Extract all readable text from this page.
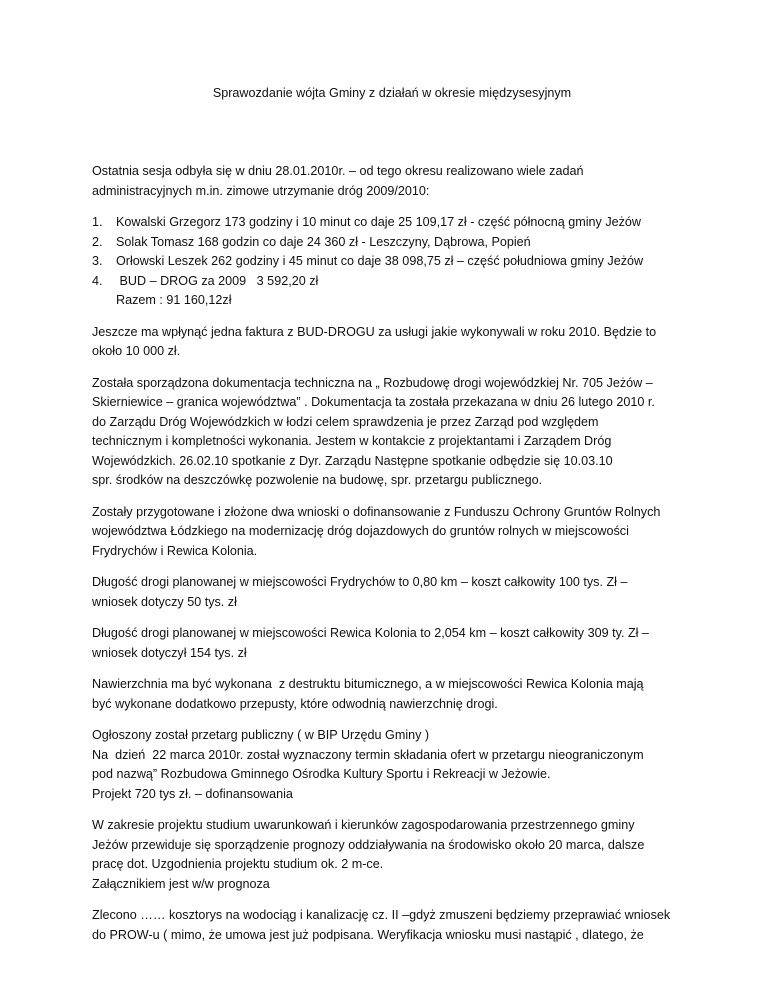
Sprawozdanie wójta Gminy z działań w okresie międzysesyjnym

Ostatnia sesja odbyła się w dniu 28.01.2010r. – od tego okresu realizowano wiele zadań
administracyjnych m.in. zimowe utrzymanie dróg 2009/2010:

1.	Kowalski Grzegorz 173 godziny i 10 minut co daje 25 109,17 zł - część północną gminy Jeżów
2.	Solak Tomasz 168 godzin co daje 24 360 zł - Leszczyny, Dąbrowa, Popień
3.	Orłowski Leszek 262 godziny i 45 minut co daje 38 098,75 zł – część południowa gminy Jeżów
4.	BUD – DROG za 2009   3 592,20 zł
Razem : 91 160,12zł

Jeszcze ma wpłynąć jedna faktura z BUD-DROGU za usługi jakie wykonywali w roku 2010. Będzie to
około 10 000 zł.

Została sporządzona dokumentacja techniczna na „ Rozbudowę drogi wojewódzkiej Nr. 705 Jeżów –
Skierniewice – granica województwa” . Dokumentacja ta została przekazana w dniu 26 lutego 2010 r.
do Zarządu Dróg Wojewódzkich w łodzi celem sprawdzenia je przez Zarząd pod względem
technicznym i kompletności wykonania. Jestem w kontakcie z projektantami i Zarządem Dróg
Wojewódzkich. 26.02.10 spotkanie z Dyr. Zarządu Następne spotkanie odbędzie się 10.03.10
spr. środków na deszczówkę pozwolenie na budowę, spr. przetargu publicznego.

Zostały przygotowane i złożone dwa wnioski o dofinansowanie z Funduszu Ochrony Gruntów Rolnych
województwa Łódzkiego na modernizację dróg dojazdowych do gruntów rolnych w miejscowości
Frydrychów i Rewica Kolonia.

Długość drogi planowanej w miejscowości Frydrychów to 0,80 km – koszt całkowity 100 tys. Zł –
wniosek dotyczy 50 tys. zł

Długość drogi planowanej w miejscowości Rewica Kolonia to 2,054 km – koszt całkowity 309 ty. Zł –
wniosek dotyczył 154 tys. zł

Nawierzchnia ma być wykonana  z destruktu bitumicznego, a w miejscowości Rewica Kolonia mają
być wykonane dodatkowo przepusty, które odwodnią nawierzchnię drogi.

Ogłoszony został przetarg publiczny ( w BIP Urzędu Gminy )
Na  dzień  22 marca 2010r. został wyznaczony termin składania ofert w przetargu nieograniczonym
pod nazwą” Rozbudowa Gminnego Ośrodka Kultury Sportu i Rekreacji w Jeżowie.
Projekt 720 tys zł. – dofinansowania

W zakresie projektu studium uwarunkowań i kierunków zagospodarowania przestrzennego gminy
Jeżów przewiduje się sporządzenie prognozy oddziaływania na środowisko około 20 marca, dalsze
pracę dot. Uzgodnienia projektu studium ok. 2 m-ce.
Załącznikiem jest w/w prognoza

Zlecono …… kosztorys na wodociąg i kanalizację cz. II –gdyż zmuszeni będziemy przeprawiać wniosek
do PROW-u ( mimo, że umowa jest już podpisana. Weryfikacja wniosku musi nastąpić , dlatego, że
